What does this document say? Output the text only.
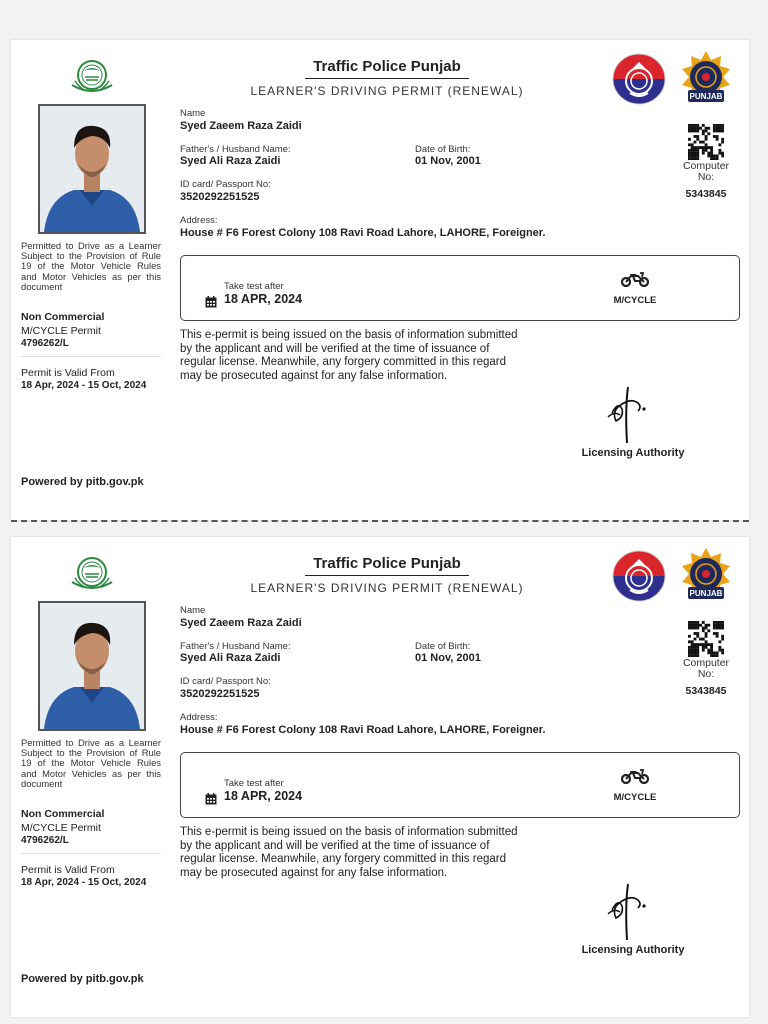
Permitted to Drive as a Learner Subject to the Provision of Rule 19 of the Motor Vehicle Rules and Motor Vehicles as per this document
Non Commercial
M/CYCLE Permit
4796262/L
Permit is Valid From
18 Apr, 2024 - 15 Oct, 2024
Powered by pitb.gov.pk
Traffic Police Punjab
LEARNER'S DRIVING PERMIT (RENEWAL)	PUNJAB
Name
Syed Zaeem Raza Zaidi
Father's / Husband Name:
Syed Ali Raza Zaidi
Date of Birth:
01 Nov, 2001
ID card/ Passport No:
3520292251525
Address:
House # F6 Forest Colony 108 Ravi Road Lahore, LAHORE, Foreigner.
Computer No:
5343845
Take test after
18 APR, 2024	M/CYCLE
This e-permit is being issued on the basis of information submitted by the applicant and will be verified at the time of issuance of regular license. Meanwhile, any forgery committed in this regard may be prosecuted against for any false information.
Licensing Authority
Permitted to Drive as a Learner Subject to the Provision of Rule 19 of the Motor Vehicle Rules and Motor Vehicles as per this document
Non Commercial
M/CYCLE Permit
4796262/L
Permit is Valid From
18 Apr, 2024 - 15 Oct, 2024
Powered by pitb.gov.pk
Traffic Police Punjab
LEARNER'S DRIVING PERMIT (RENEWAL)	PUNJAB
Name
Syed Zaeem Raza Zaidi
Father's / Husband Name:
Syed Ali Raza Zaidi
Date of Birth:
01 Nov, 2001
ID card/ Passport No:
3520292251525
Address:
House # F6 Forest Colony 108 Ravi Road Lahore, LAHORE, Foreigner.
Computer No:
5343845
Take test after
18 APR, 2024	M/CYCLE
This e-permit is being issued on the basis of information submitted by the applicant and will be verified at the time of issuance of regular license. Meanwhile, any forgery committed in this regard may be prosecuted against for any false information.
Licensing Authority
